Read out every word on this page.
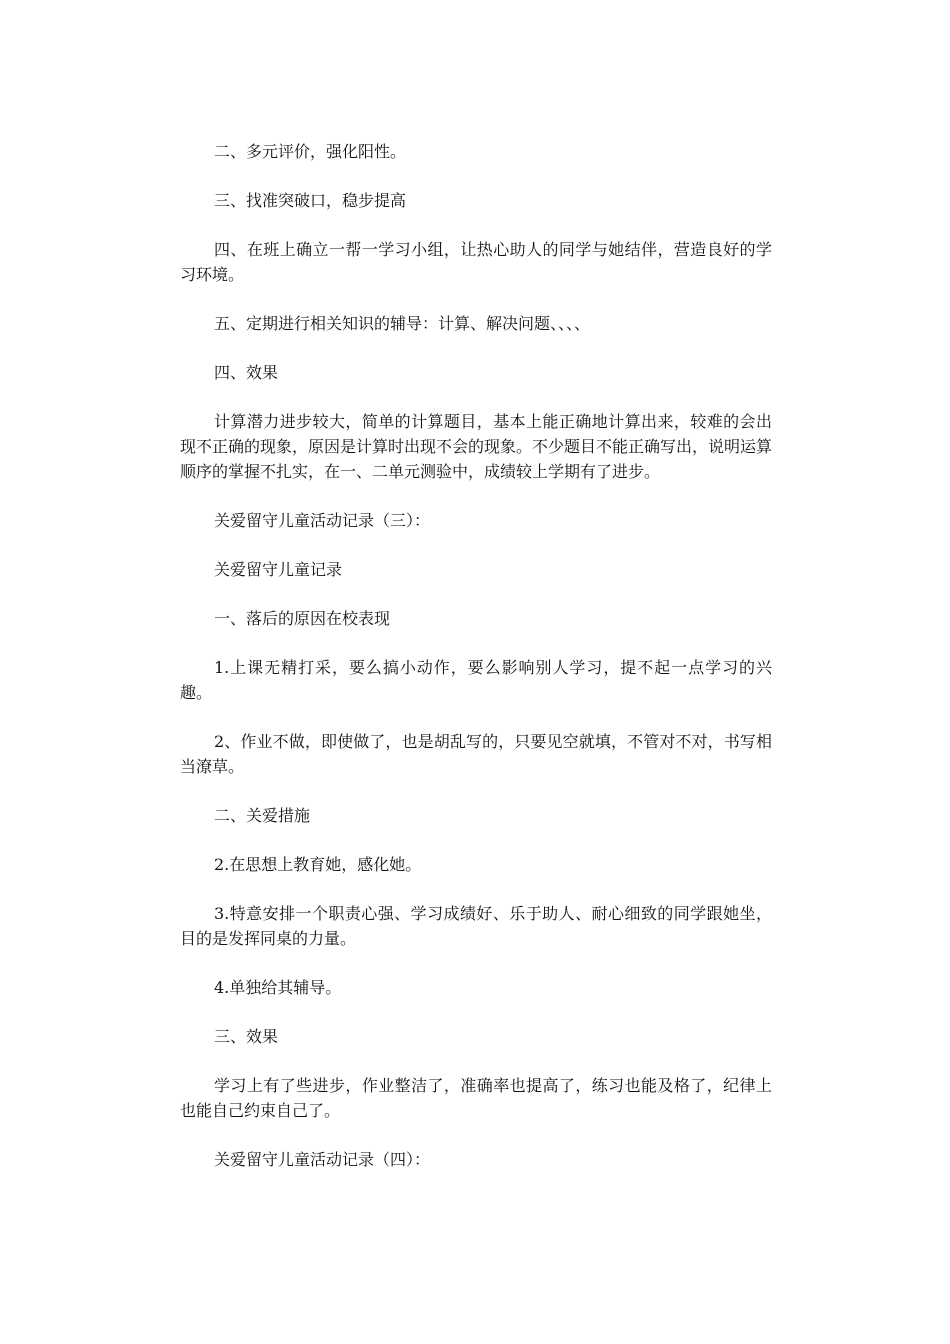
二、多元评价，强化阳性。

三、找准突破口，稳步提高

四、在班上确立一帮一学习小组，让热心助人的同学与她结伴，营造良好的学习环境。

五、定期进行相关知识的辅导：计算、解决问题、、、、

四、效果

计算潜力进步较大，简单的计算题目，基本上能正确地计算出来，较难的会出现不正确的现象，原因是计算时出现不会的现象。不少题目不能正确写出，说明运算顺序的掌握不扎实，在一、二单元测验中，成绩较上学期有了进步。

关爱留守儿童活动记录（三）：

关爱留守儿童记录

一、落后的原因在校表现

1.上课无精打采，要么搞小动作，要么影响别人学习，提不起一点学习的兴趣。

2、作业不做，即使做了，也是胡乱写的，只要见空就填，不管对不对，书写相当潦草。

二、关爱措施

2.在思想上教育她，感化她。

3.特意安排一个职责心强、学习成绩好、乐于助人、耐心细致的同学跟她坐，目的是发挥同桌的力量。

4.单独给其辅导。

三、效果

学习上有了些进步，作业整洁了，准确率也提高了，练习也能及格了，纪律上也能自己约束自己了。

关爱留守儿童活动记录（四）：
